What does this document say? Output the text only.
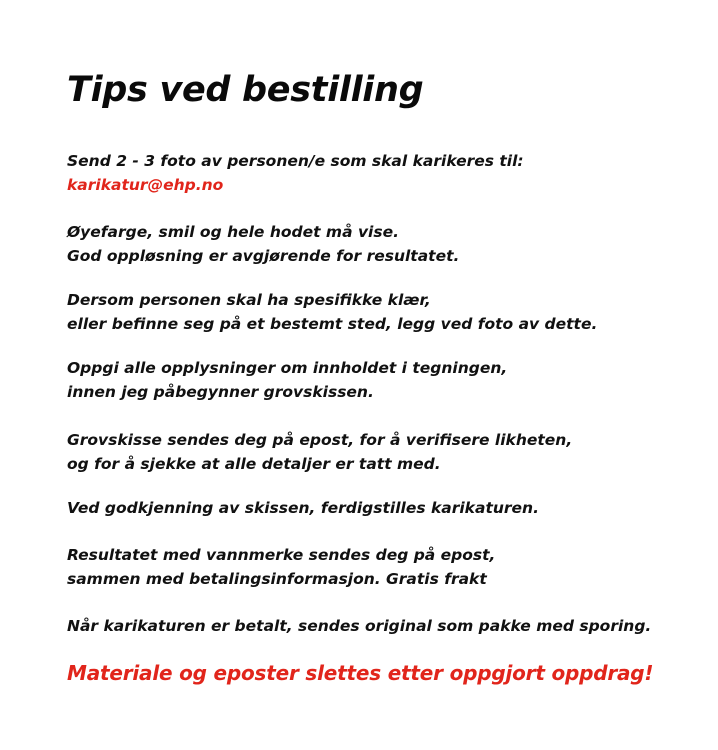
Tips ved bestilling

Send 2 - 3 foto av personen/e som skal karikeres til:
karikatur@ehp.no

Øyefarge, smil og hele hodet må vise.
God oppløsning er avgjørende for resultatet.

Dersom personen skal ha spesifikke klær,
eller befinne seg på et bestemt sted, legg ved foto av dette.

Oppgi alle opplysninger om innholdet i tegningen,
innen jeg påbegynner grovskissen.

Grovskisse sendes deg på epost, for å verifisere likheten,
og for å sjekke at alle detaljer er tatt med.

Ved godkjenning av skissen, ferdigstilles karikaturen.

Resultatet med vannmerke sendes deg på epost,
sammen med betalingsinformasjon. Gratis frakt

Når karikaturen er betalt, sendes original som pakke med sporing.

Materiale og eposter slettes etter oppgjort oppdrag!
